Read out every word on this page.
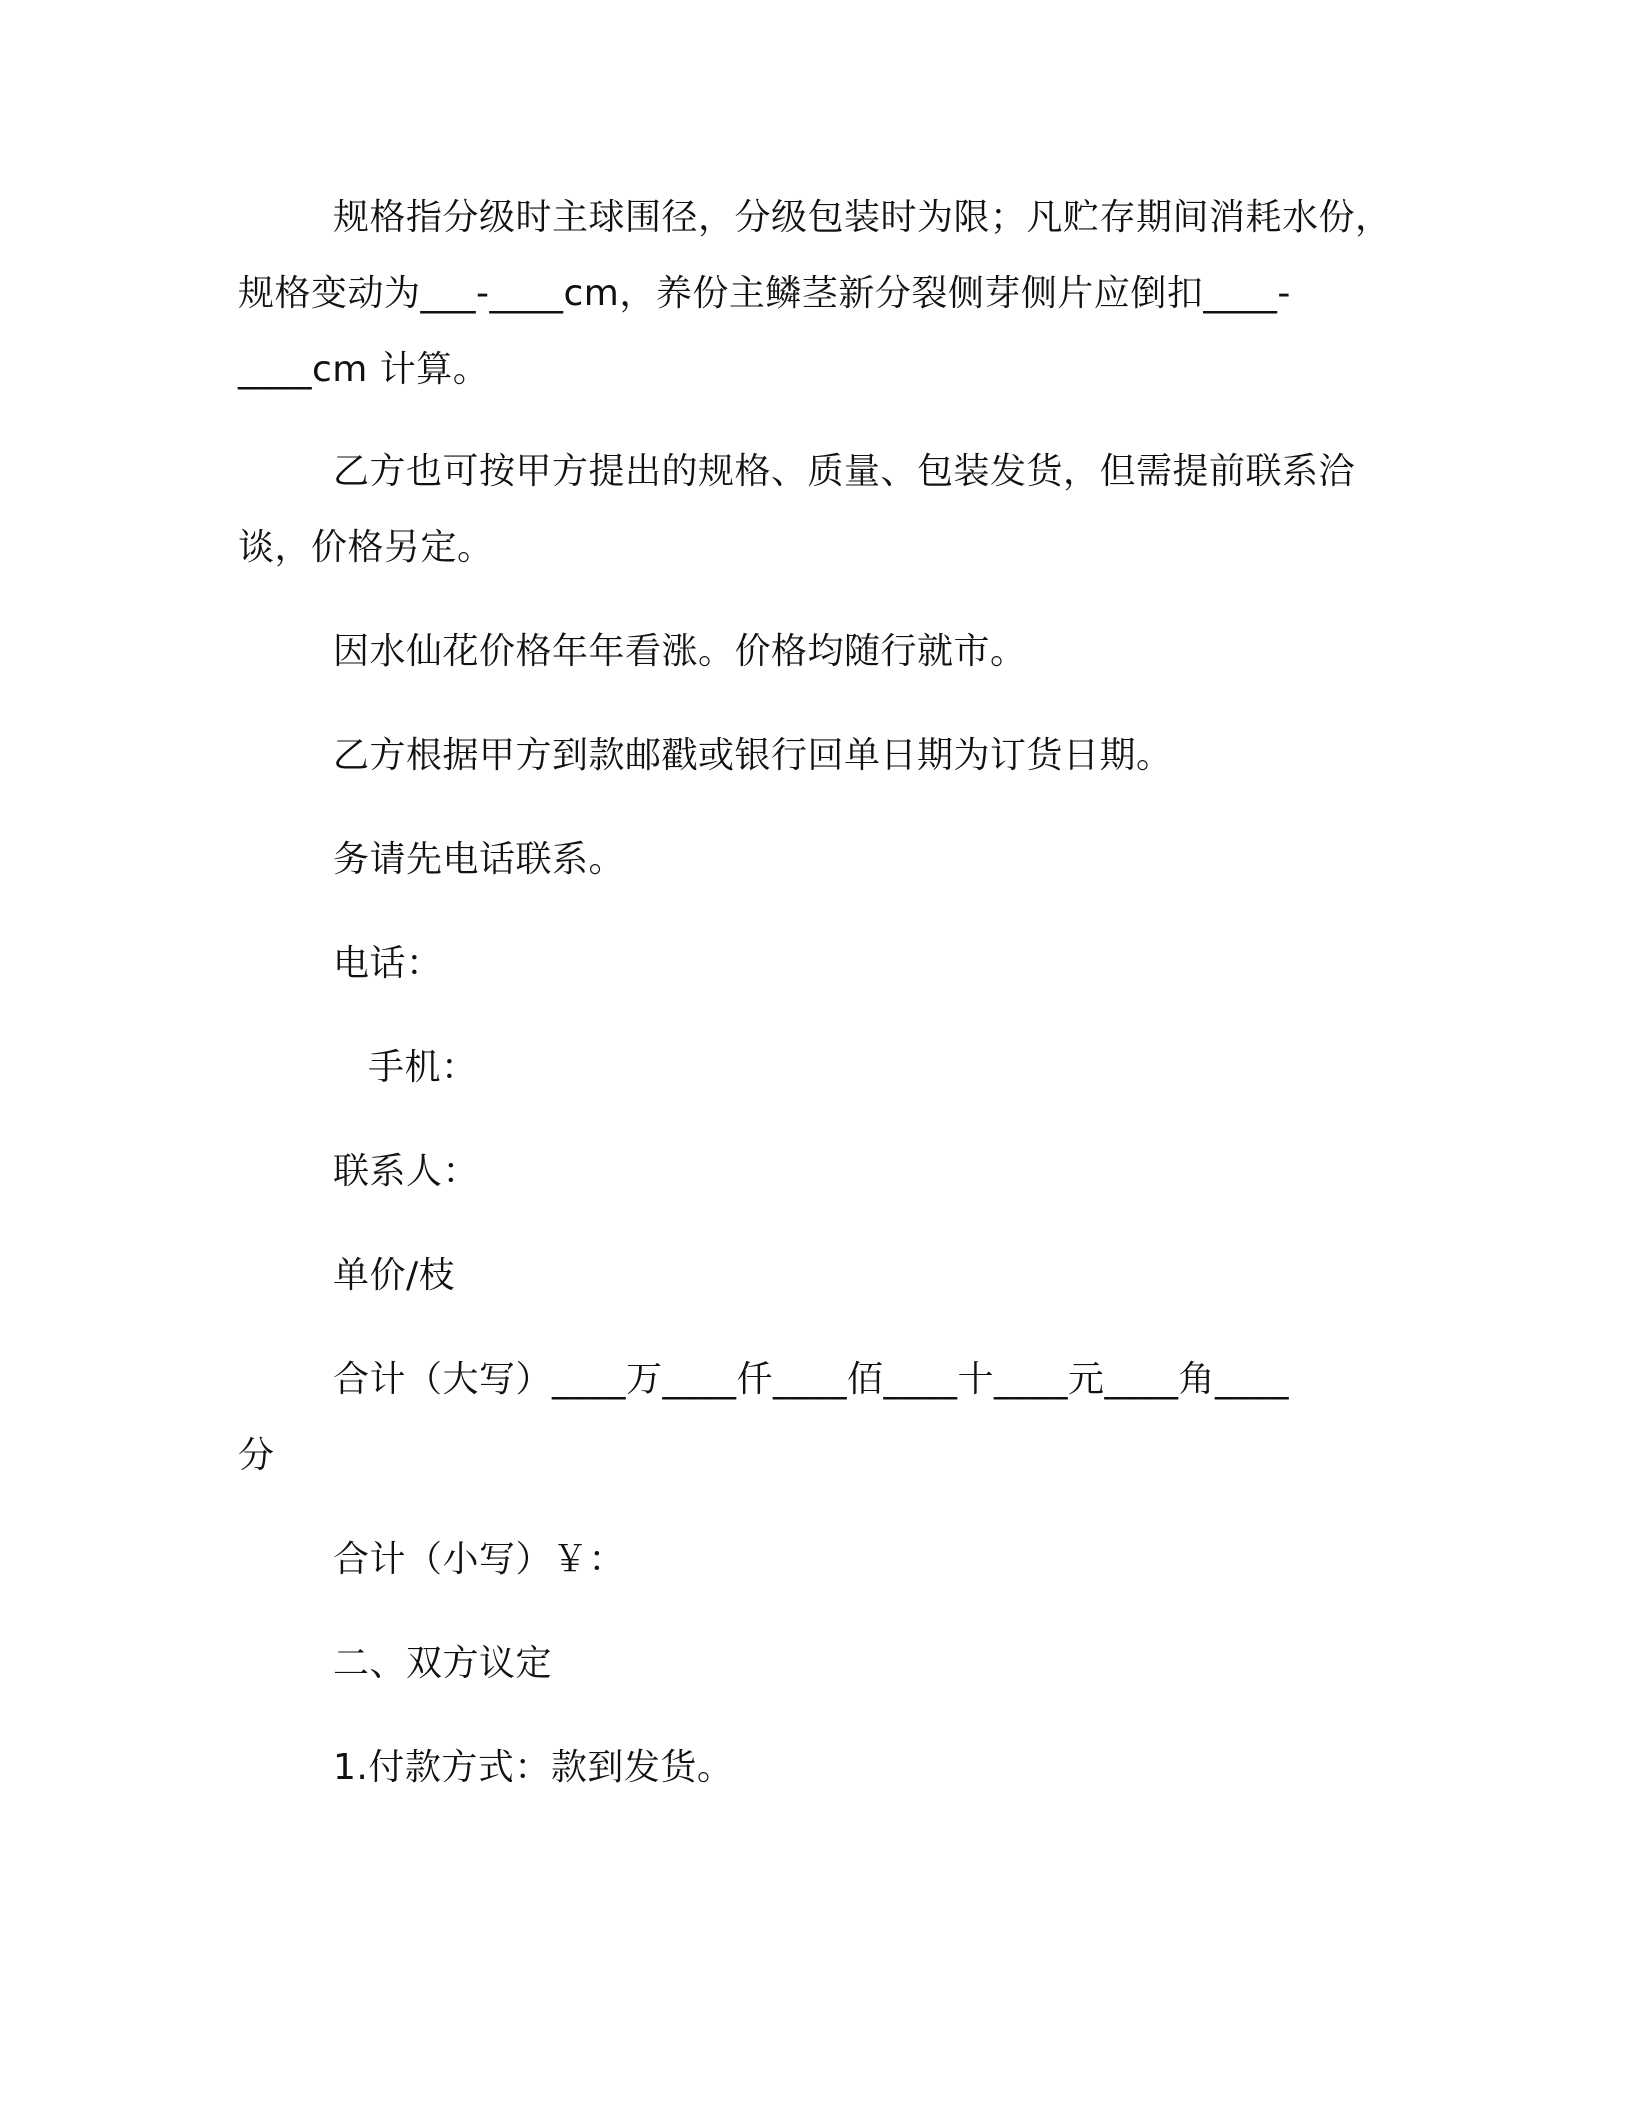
规格指分级时主球围径，分级包装时为限；凡贮存期间消耗水份，
规格变动为___-____cm，养份主鳞茎新分裂侧芽侧片应倒扣____-
____cm 计算。
乙方也可按甲方提出的规格、质量、包装发货，但需提前联系洽
谈，价格另定。
因水仙花价格年年看涨。价格均随行就市。
乙方根据甲方到款邮戳或银行回单日期为订货日期。
务请先电话联系。
电话：
手机：
联系人：
单价/枝
合计（大写）____万____仟____佰____十____元____角____
分
合计（小写）￥：
二、双方议定
1.付款方式：款到发货。
